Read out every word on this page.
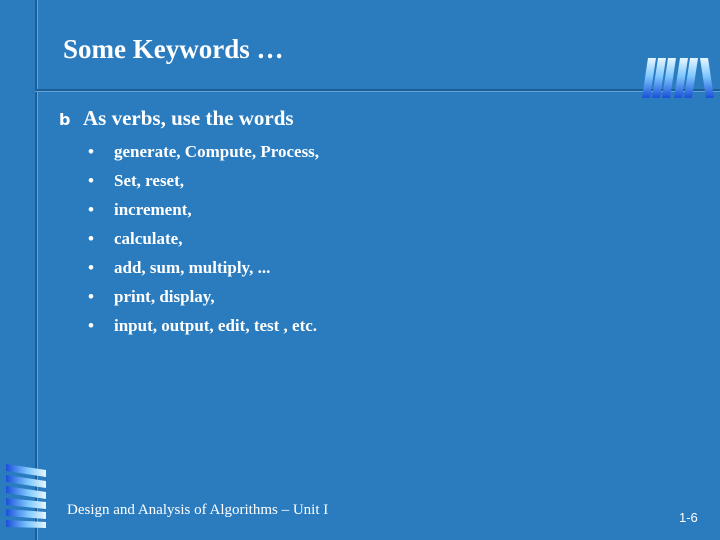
Some Keywords …
b As verbs, use the words
• generate, Compute, Process,
• Set, reset,
• increment,
• calculate,
• add, sum, multiply, ...
• print, display,
• input, output, edit, test , etc.
Design and Analysis of Algorithms – Unit I	1-6
